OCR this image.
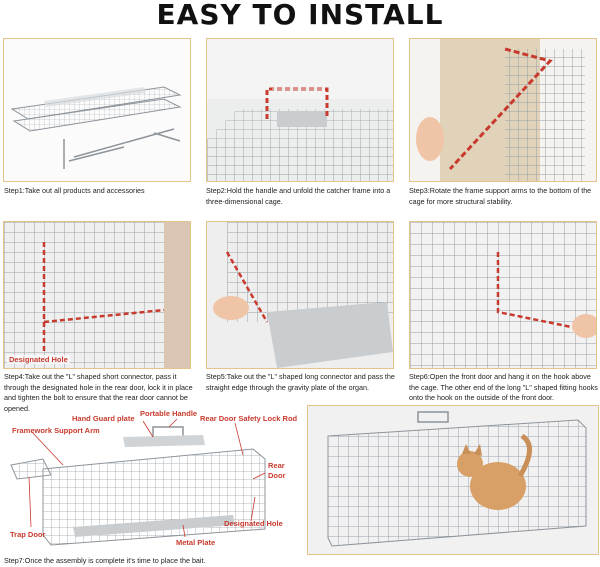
EASY TO INSTALL
Step1:Take out all products and accessories	Step2:Hold the handle and unfold the catcher frame into a three-dimensional cage.
Step3:Rotate the frame support arms to the bottom of the cage for more structural stability.
Designated Hole
Step4:Take out the "L" shaped short connector, pass it through the designated hole in the rear door, lock it in place and tighten the bolt to ensure that the rear door cannot be opened.
Step5:Take out the "L" shaped long connector and pass the straight edge through the gravity plate of the organ.
Step6:Open the front door and hang it on the hook above the cage. The other end of the long "L" shaped fitting hooks onto the hook on the outside of the front door.
Hand Guard plate
Portable Handle
Rear Door Safety Lock Rod
Framework Support Arm
Rear
Door
Trap Door
Metal Plate
Designated Hole
Step7:Once the assembly is complete it's time to place the bait.
